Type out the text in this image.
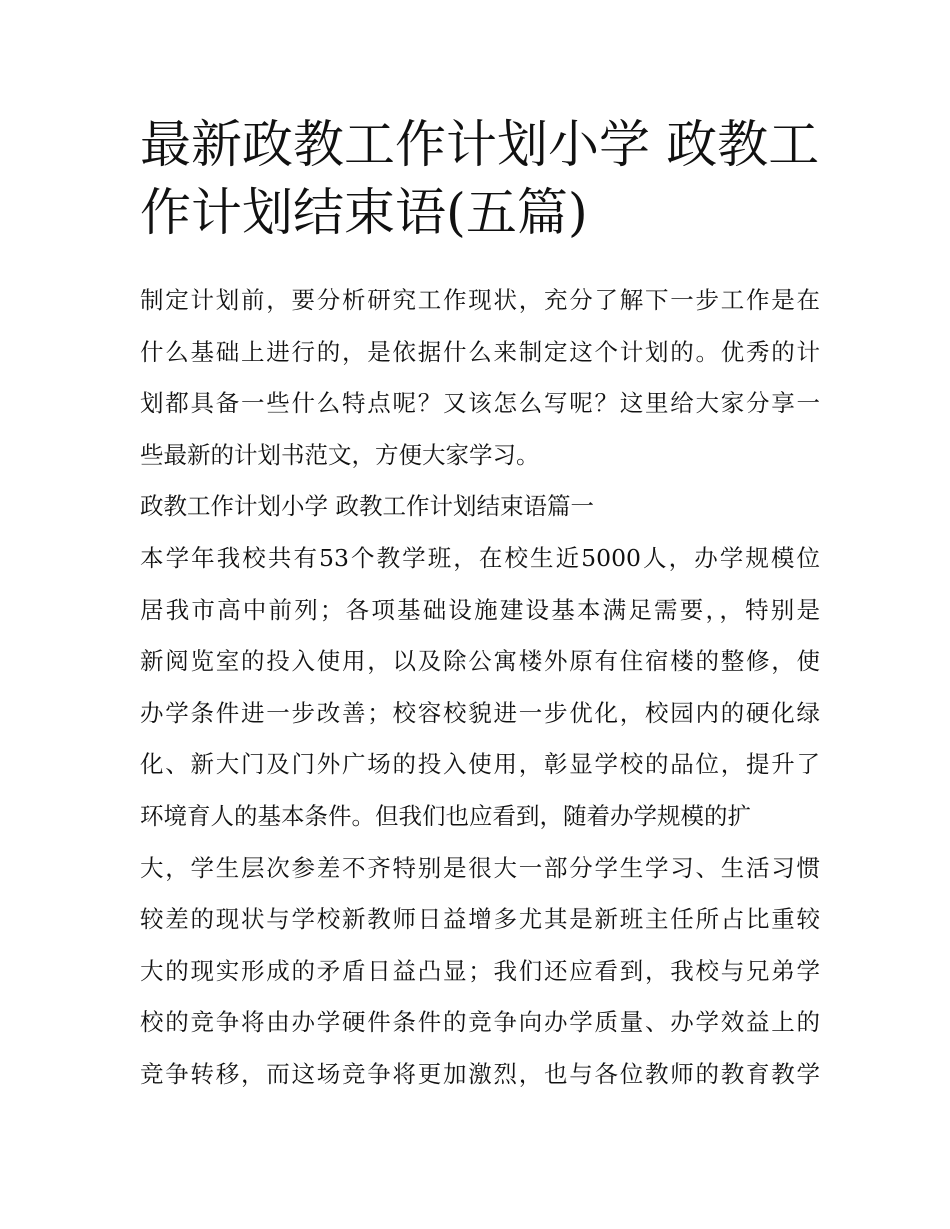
最新政教工作计划小学 政教工
作计划结束语(五篇)
制定计划前，要分析研究工作现状，充分了解下一步工作是在
什么基础上进行的，是依据什么来制定这个计划的。优秀的计
划都具备一些什么特点呢？又该怎么写呢？这里给大家分享一
些最新的计划书范文，方便大家学习。
政教工作计划小学 政教工作计划结束语篇一
本学年我校共有53个教学班，在校生近5000人，办学规模位
居我市高中前列；各项基础设施建设基本满足需要，，特别是
新阅览室的投入使用，以及除公寓楼外原有住宿楼的整修，使
办学条件进一步改善；校容校貌进一步优化，校园内的硬化绿
化、新大门及门外广场的投入使用，彰显学校的品位，提升了
环境育人的基本条件。但我们也应看到，随着办学规模的扩
大，学生层次参差不齐特别是很大一部分学生学习、生活习惯
较差的现状与学校新教师日益增多尤其是新班主任所占比重较
大的现实形成的矛盾日益凸显；我们还应看到，我校与兄弟学
校的竞争将由办学硬件条件的竞争向办学质量、办学效益上的
竞争转移，而这场竞争将更加激烈，也与各位教师的教育教学
